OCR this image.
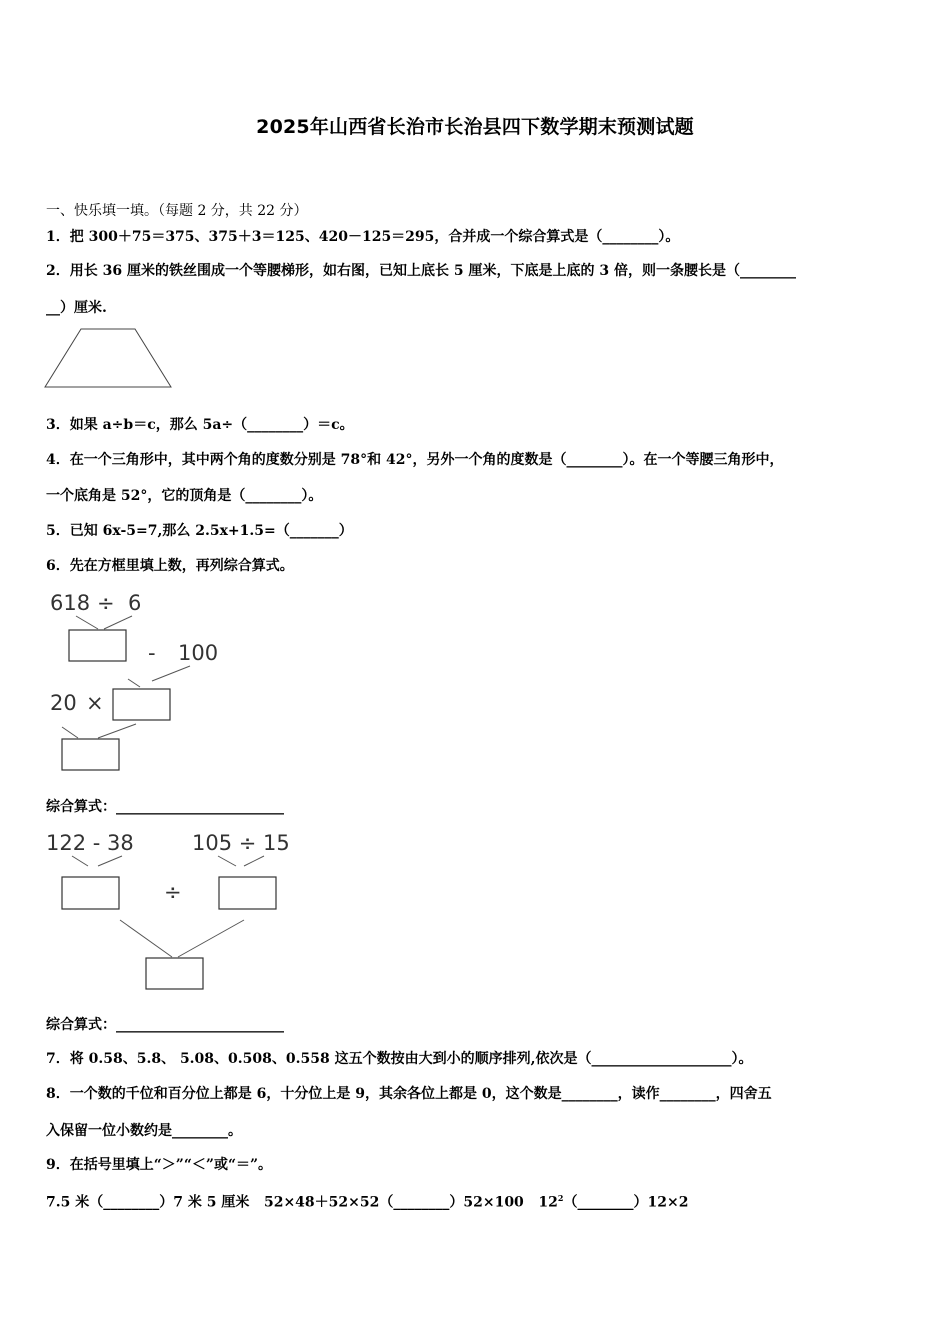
2025年山西省长治市长治县四下数学期末预测试题
一、快乐填一填。（每题 2 分，共 22 分）
1．把 300＋75＝375、375＋3＝125、420－125＝295，合并成一个综合算式是（________）。
2．用长 36 厘米的铁丝围成一个等腰梯形，如右图，已知上底长 5 厘米，下底是上底的 3 倍，则一条腰长是（________
__）厘米.
3．如果 a÷b＝c，那么 5a÷（________）＝c。
4．在一个三角形中，其中两个角的度数分别是 78°和 42°，另外一个角的度数是（________）。在一个等腰三角形中，
一个底角是 52°，它的顶角是（________）。
5．已知 6x-5=7,那么 2.5x+1.5=（_______）
6．先在方框里填上数，再列综合算式。
618 ÷ 6
- 100
20 ×
综合算式：________________________
122 - 38	105 ÷ 15
÷
综合算式：________________________
7．将 0.58、5.8、 5.08、0.508、0.558 这五个数按由大到小的顺序排列,依次是（____________________）。
8．一个数的千位和百分位上都是 6，十分位上是 9，其余各位上都是 0，这个数是________，读作________，四舍五
入保留一位小数约是________。
9．在括号里填上“＞”“＜”或“＝”。
7.5 米（________）7 米 5 厘米 52×48＋52×52（________）52×100 $12^2(\_\_\_\_\_\_\_\_)12\times 2$
